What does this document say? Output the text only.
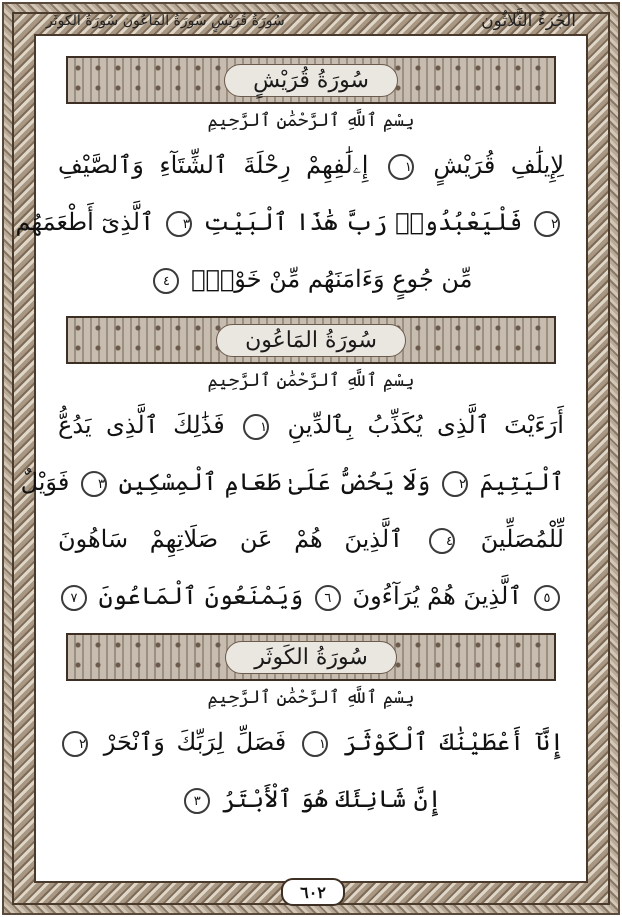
الجُزءُ الثَّلاثُون
سُورَةُ قُرَيْشٍ سُورَةُ المَاعُون سُورَةُ الكَوثَر
سُورَةُ قُرَيْشٍ
بِسْمِ ٱللَّهِ ٱلرَّحْمَٰنِ ٱلرَّحِيمِ
لِإِيلَٰفِ قُرَيْشٍ ١ إِۦلَٰفِهِمْ رِحْلَةَ ٱلشِّتَآءِ وَٱلصَّيْفِ
٢ فَلْيَعْبُدُوا۟ رَبَّ هَٰذَا ٱلْبَيْتِ ٣ ٱلَّذِىٓ أَطْعَمَهُم
مِّن جُوعٍ وَءَامَنَهُم مِّنْ خَوْفٍۭ ٤
سُورَةُ المَاعُون
بِسْمِ ٱللَّهِ ٱلرَّحْمَٰنِ ٱلرَّحِيمِ
أَرَءَيْتَ ٱلَّذِى يُكَذِّبُ بِٱلدِّينِ ١ فَذَٰلِكَ ٱلَّذِى يَدُعُّ
ٱلْيَتِيمَ ٢ وَلَا يَحُضُّ عَلَىٰ طَعَامِ ٱلْمِسْكِينِ ٣ فَوَيْلٌ
لِّلْمُصَلِّينَ ٤ ٱلَّذِينَ هُمْ عَن صَلَاتِهِمْ سَاهُونَ
٥ ٱلَّذِينَ هُمْ يُرَآءُونَ ٦ وَيَمْنَعُونَ ٱلْمَاعُونَ ٧
سُورَةُ الكَوثَر
بِسْمِ ٱللَّهِ ٱلرَّحْمَٰنِ ٱلرَّحِيمِ
إِنَّآ أَعْطَيْنَٰكَ ٱلْكَوْثَرَ ١ فَصَلِّ لِرَبِّكَ وَٱنْحَرْ ٢
إِنَّ شَانِئَكَ هُوَ ٱلْأَبْتَرُ ٣
٦٠٢
